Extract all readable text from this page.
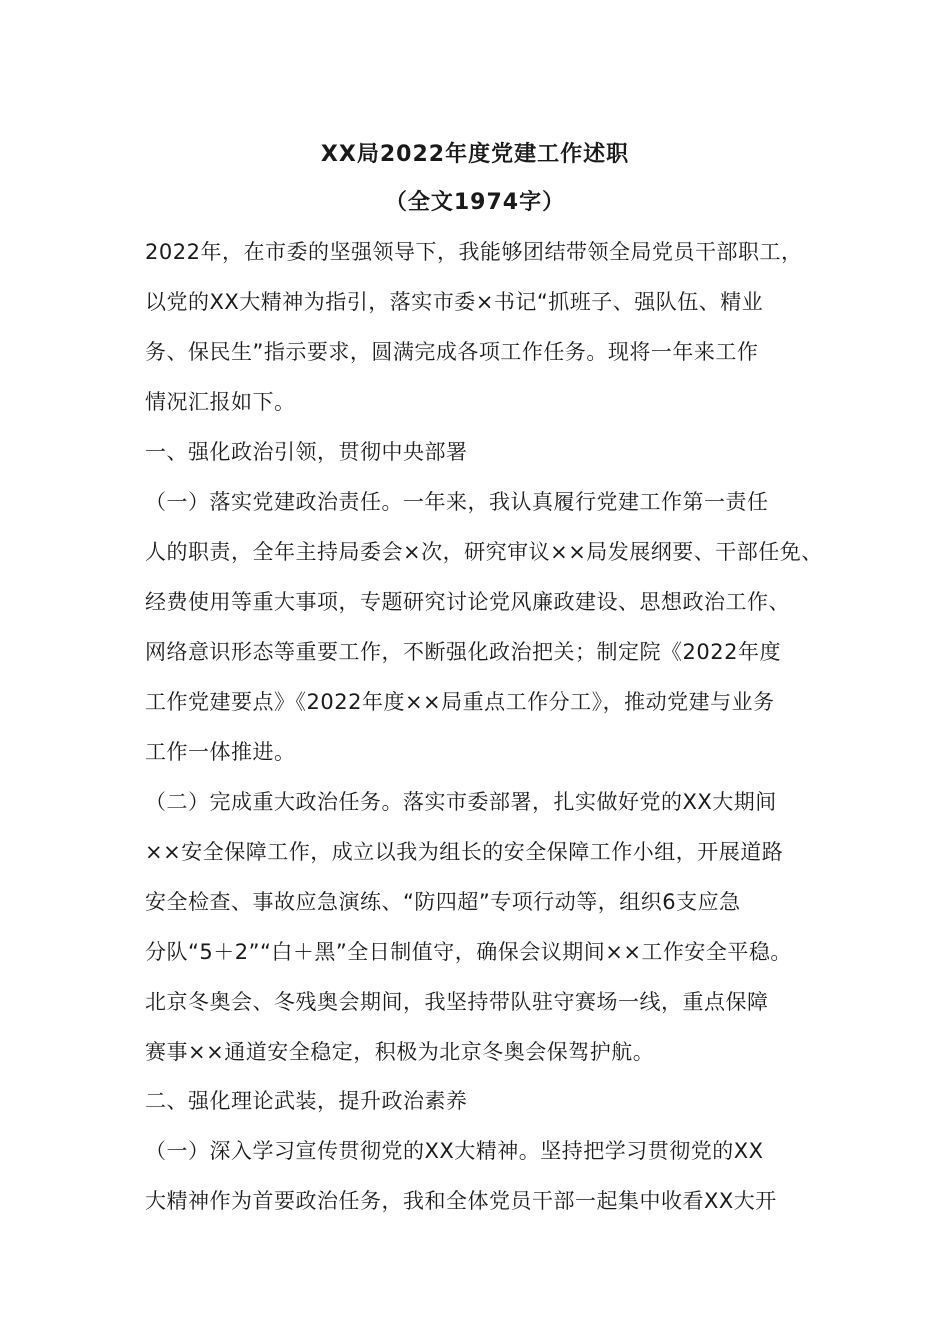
XX局2022年度党建工作述职
（全文1974字）
2022年，在市委的坚强领导下，我能够团结带领全局党员干部职工，
以党的XX大精神为指引，落实市委×书记“抓班子、强队伍、精业
务、保民生”指示要求，圆满完成各项工作任务。现将一年来工作
情况汇报如下。
一、强化政治引领，贯彻中央部署
（一）落实党建政治责任。一年来，我认真履行党建工作第一责任
人的职责，全年主持局委会×次，研究审议××局发展纲要、干部任免、
经费使用等重大事项，专题研究讨论党风廉政建设、思想政治工作、
网络意识形态等重要工作，不断强化政治把关；制定院《2022年度
工作党建要点》《2022年度××局重点工作分工》，推动党建与业务
工作一体推进。
（二）完成重大政治任务。落实市委部署，扎实做好党的XX大期间
××安全保障工作，成立以我为组长的安全保障工作小组，开展道路
安全检查、事故应急演练、“防四超”专项行动等，组织6支应急
分队“5＋2”“白＋黑”全日制值守，确保会议期间××工作安全平稳。
北京冬奥会、冬残奥会期间，我坚持带队驻守赛场一线，重点保障
赛事××通道安全稳定，积极为北京冬奥会保驾护航。
二、强化理论武装，提升政治素养
（一）深入学习宣传贯彻党的XX大精神。坚持把学习贯彻党的XX
大精神作为首要政治任务，我和全体党员干部一起集中收看XX大开
